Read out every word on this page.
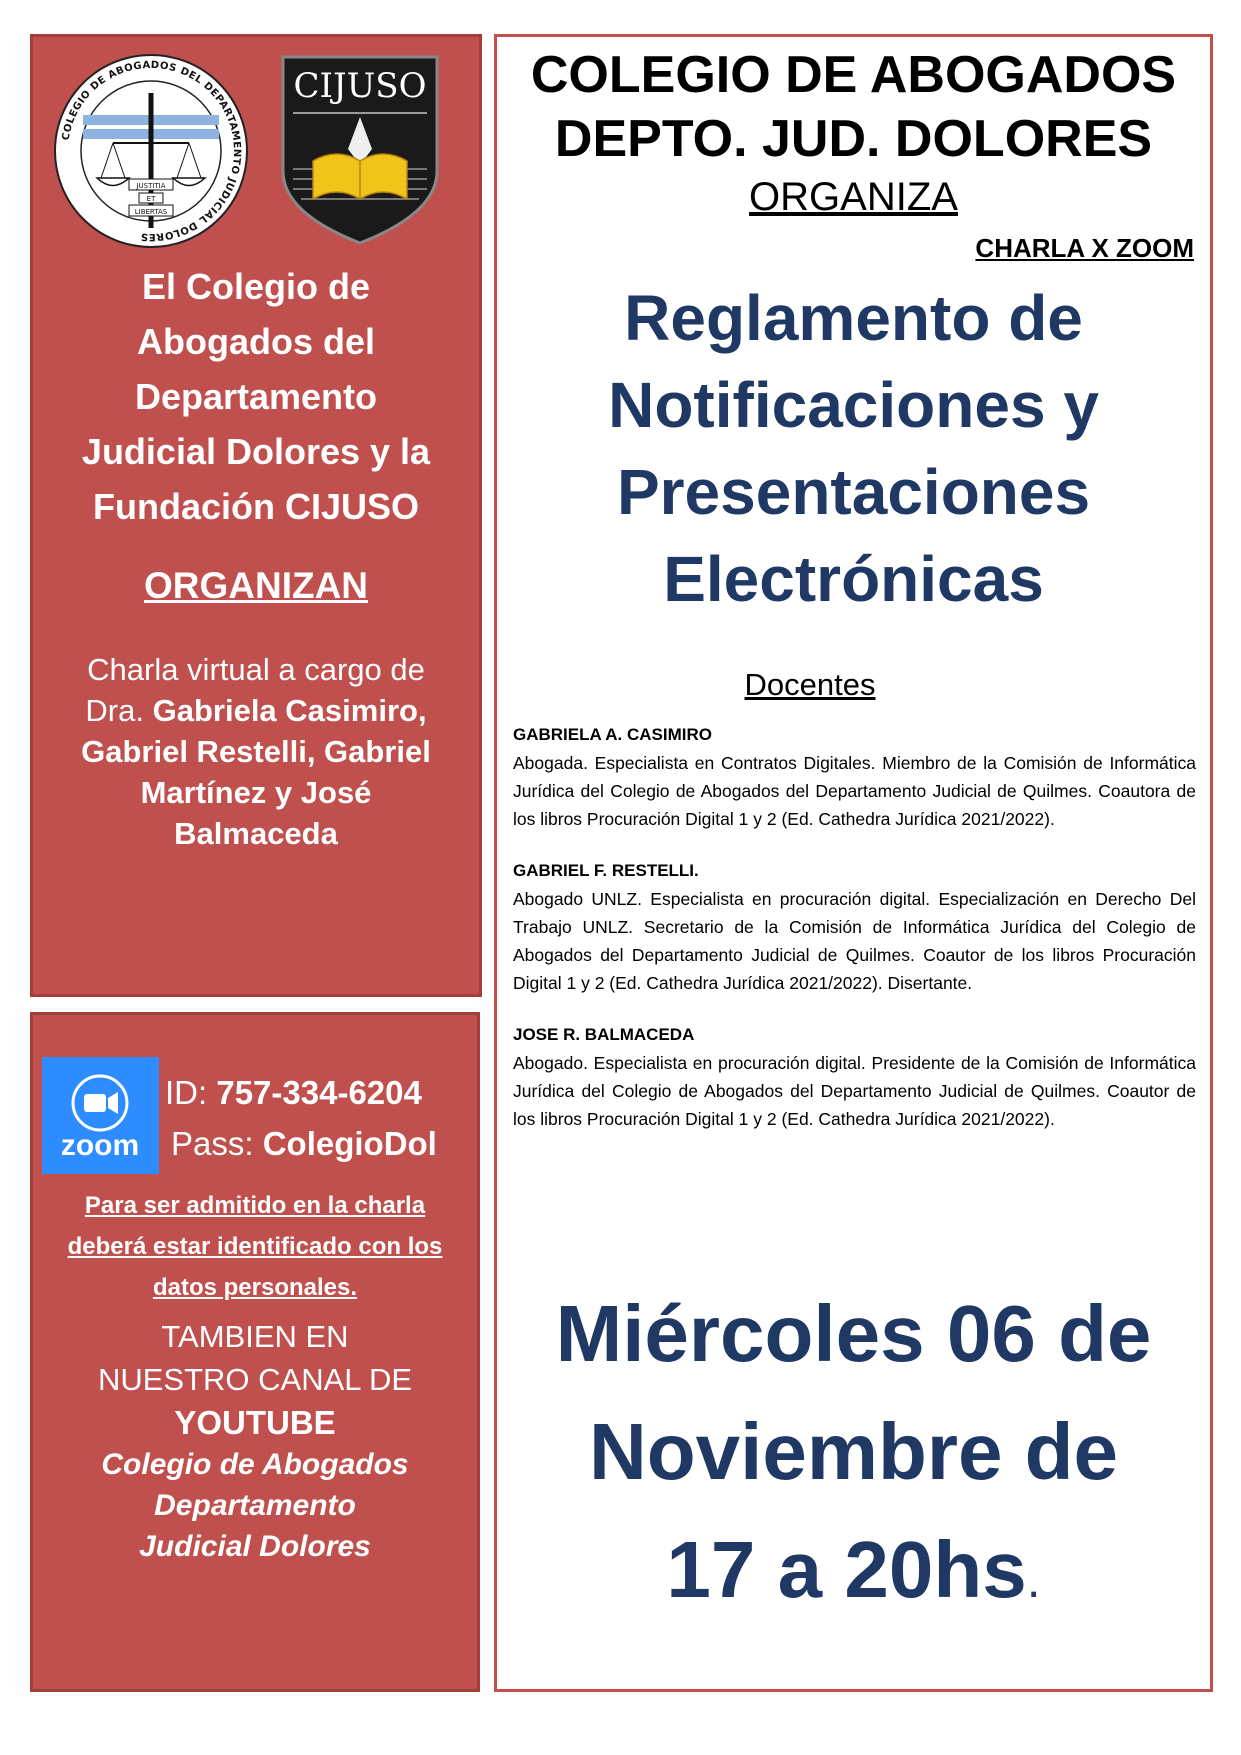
COLEGIO DE ABOGADOS DEL DEPARTAMENTO JUDICIAL DOLORES
JUSTITIA
ET
LIBERTAS
CIJUSO
El Colegio de
Abogados del
Departamento
Judicial Dolores y la
Fundación CIJUSO
ORGANIZAN
Charla virtual a cargo de
Dra. Gabriela Casimiro,
Gabriel Restelli, Gabriel
Martínez y José
Balmaceda
zoom
ID: 757-334-6204
Pass: ColegioDol
Para ser admitido en la charla
deberá estar identificado con los
datos personales.
TAMBIEN EN
NUESTRO CANAL DE
YOUTUBE
Colegio de Abogados
Departamento
Judicial Dolores
COLEGIO DE ABOGADOS
DEPTO. JUD. DOLORES
ORGANIZA
CHARLA X ZOOM
Reglamento de
Notificaciones y
Presentaciones
Electrónicas
Docentes
GABRIELA A. CASIMIRO
Abogada. Especialista en Contratos Digitales. Miembro de la Comisión de Informática Jurídica del Colegio de Abogados del Departamento Judicial de Quilmes. Coautora de los libros Procuración Digital 1 y 2 (Ed. Cathedra Jurídica 2021/2022).
GABRIEL F. RESTELLI.
Abogado UNLZ. Especialista en procuración digital. Especialización en Derecho Del Trabajo UNLZ. Secretario de la Comisión de Informática Jurídica del Colegio de Abogados del Departamento Judicial de Quilmes. Coautor de los libros Procuración Digital 1 y 2 (Ed. Cathedra Jurídica 2021/2022). Disertante.
JOSE R. BALMACEDA
Abogado. Especialista en procuración digital. Presidente de la Comisión de Informática Jurídica del Colegio de Abogados del Departamento Judicial de Quilmes. Coautor de los libros Procuración Digital 1 y 2 (Ed. Cathedra Jurídica 2021/2022).
Miércoles 06 de
Noviembre de
17 a 20hs.
